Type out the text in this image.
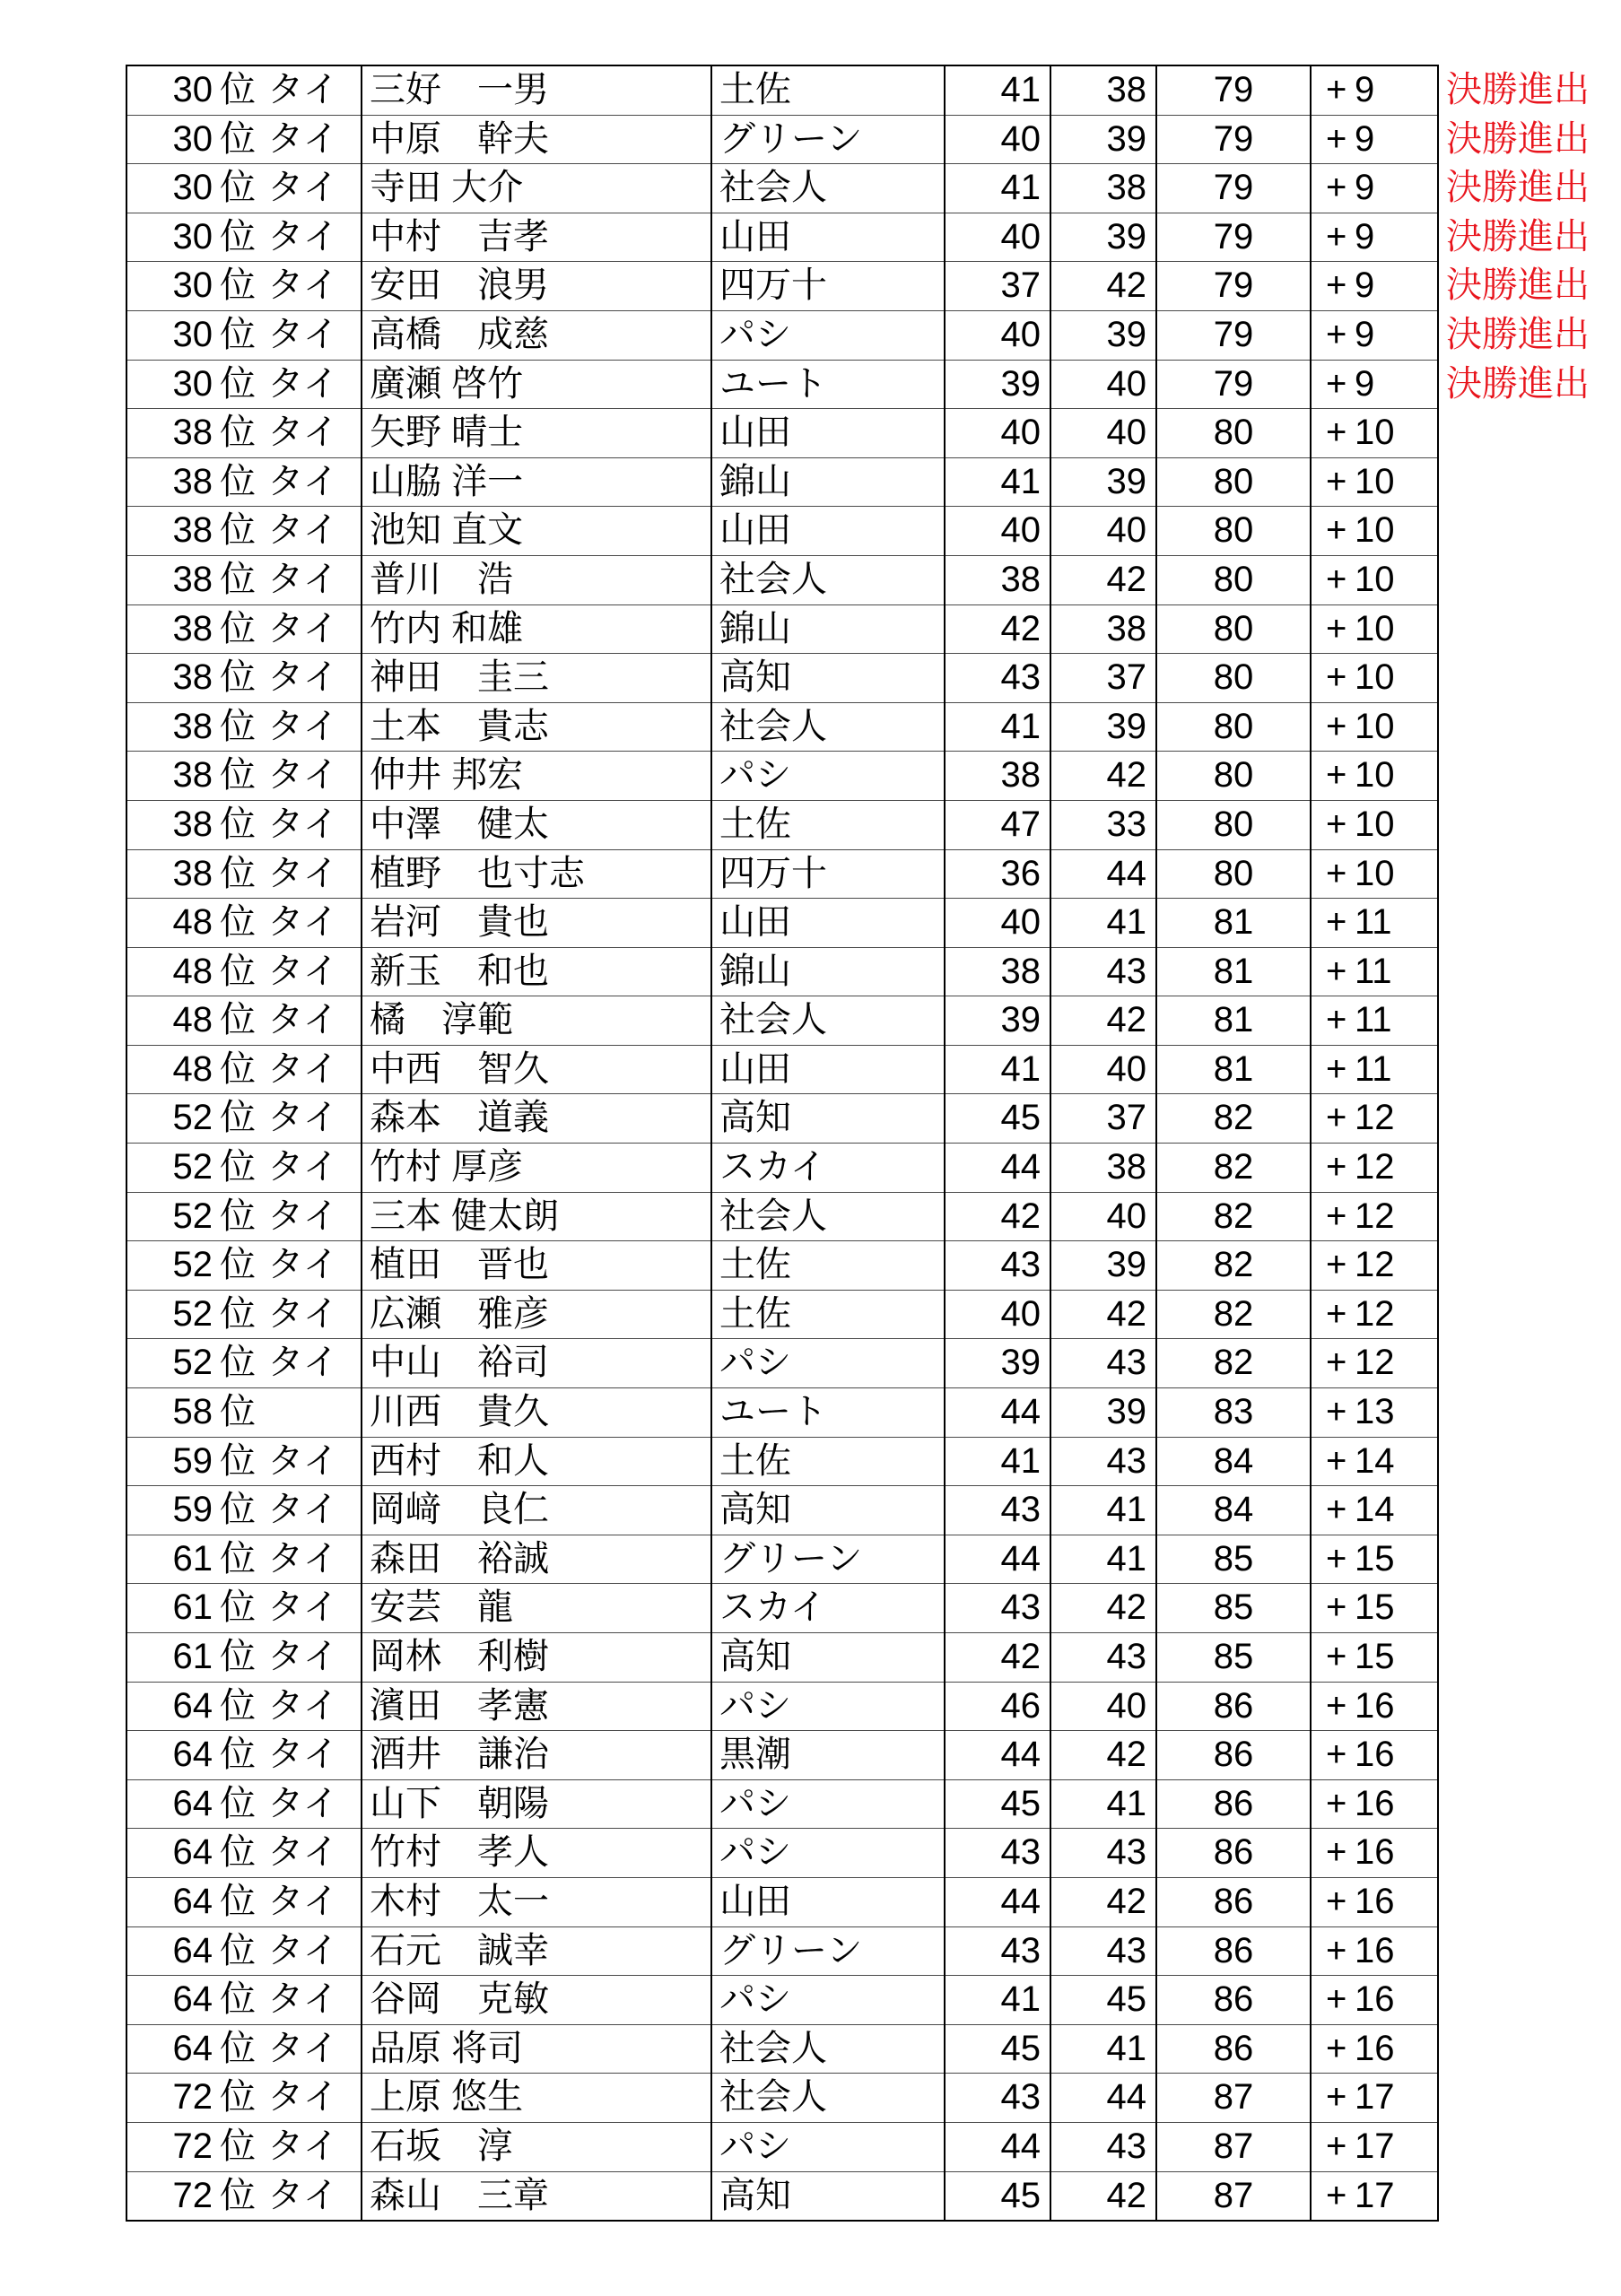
30 位 タイ	三好　一男	土佐	41	38	79	+ 9	決勝進出
30 位 タイ	中原　幹夫	グリーン	40	39	79	+ 9	決勝進出
30 位 タイ	寺田 大介	社会人	41	38	79	+ 9	決勝進出
30 位 タイ	中村　吉孝	山田	40	39	79	+ 9	決勝進出
30 位 タイ	安田　浪男	四万十	37	42	79	+ 9	決勝進出
30 位 タイ	高橋　成慈	パシ	40	39	79	+ 9	決勝進出
30 位 タイ	廣瀬 啓竹	ユート	39	40	79	+ 9	決勝進出
38 位 タイ	矢野 晴士	山田	40	40	80	+ 10	
38 位 タイ	山脇 洋一	錦山	41	39	80	+ 10	
38 位 タイ	池知 直文	山田	40	40	80	+ 10	
38 位 タイ	普川　浩	社会人	38	42	80	+ 10	
38 位 タイ	竹内 和雄	錦山	42	38	80	+ 10	
38 位 タイ	神田　圭三	高知	43	37	80	+ 10	
38 位 タイ	土本　貴志	社会人	41	39	80	+ 10	
38 位 タイ	仲井 邦宏	パシ	38	42	80	+ 10	
38 位 タイ	中澤　健太	土佐	47	33	80	+ 10	
38 位 タイ	植野　也寸志	四万十	36	44	80	+ 10	
48 位 タイ	岩河　貴也	山田	40	41	81	+ 11	
48 位 タイ	新玉　和也	錦山	38	43	81	+ 11	
48 位 タイ	橘　淳範	社会人	39	42	81	+ 11	
48 位 タイ	中西　智久	山田	41	40	81	+ 11	
52 位 タイ	森本　道義	高知	45	37	82	+ 12	
52 位 タイ	竹村 厚彦	スカイ	44	38	82	+ 12	
52 位 タイ	三本 健太朗	社会人	42	40	82	+ 12	
52 位 タイ	植田　晋也	土佐	43	39	82	+ 12	
52 位 タイ	広瀬　雅彦	土佐	40	42	82	+ 12	
52 位 タイ	中山　裕司	パシ	39	43	82	+ 12	
58 位	川西　貴久	ユート	44	39	83	+ 13	
59 位 タイ	西村　和人	土佐	41	43	84	+ 14	
59 位 タイ	岡﨑　良仁	高知	43	41	84	+ 14	
61 位 タイ	森田　裕誠	グリーン	44	41	85	+ 15	
61 位 タイ	安芸　龍	スカイ	43	42	85	+ 15	
61 位 タイ	岡林　利樹	高知	42	43	85	+ 15	
64 位 タイ	濱田　孝憲	パシ	46	40	86	+ 16	
64 位 タイ	酒井　謙治	黒潮	44	42	86	+ 16	
64 位 タイ	山下　朝陽	パシ	45	41	86	+ 16	
64 位 タイ	竹村　孝人	パシ	43	43	86	+ 16	
64 位 タイ	木村　太一	山田	44	42	86	+ 16	
64 位 タイ	石元　誠幸	グリーン	43	43	86	+ 16	
64 位 タイ	谷岡　克敏	パシ	41	45	86	+ 16	
64 位 タイ	品原 将司	社会人	45	41	86	+ 16	
72 位 タイ	上原 悠生	社会人	43	44	87	+ 17	
72 位 タイ	石坂　淳	パシ	44	43	87	+ 17	
72 位 タイ	森山　三章	高知	45	42	87	+ 17	
